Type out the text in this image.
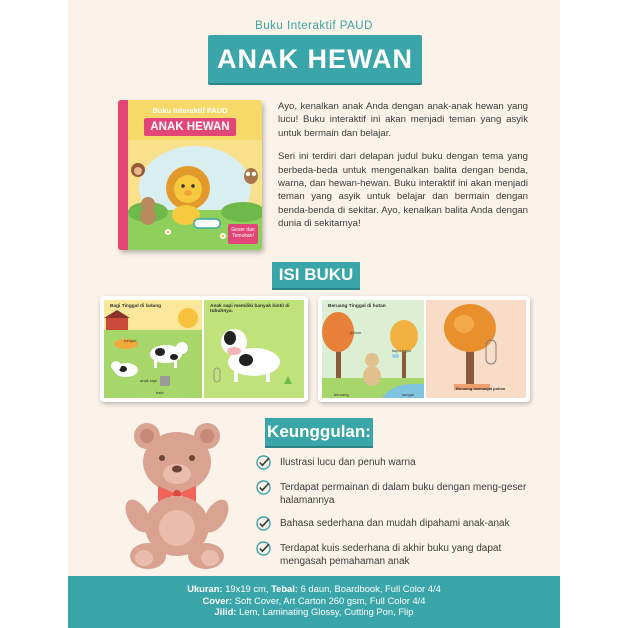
Buku Interaktif PAUD
ANAK HEWAN
Buku Interaktif PAUD
ANAK HEWAN
Geser dan Temukan!

Ayo, kenalkan anak Anda dengan anak-anak hewan yang lucu! Buku interaktif ini akan menjadi teman yang asyik untuk bermain dan belajar.

Seri ini terdiri dari delapan judul buku dengan tema yang berbeda-beda untuk mengenalkan balita dengan benda, warna, dan hewan-hewan. Buku interaktif ini akan menjadi teman yang asyik untuk belajar dan bermain dengan benda-benda di sekitar. Ayo, kenalkan balita Anda dengan dunia di sekitarnya!

ISI BUKU
Bagi Tinggal di ladang
rumput
anak sapi
babi
Anak sapi memiliki banyak bintil di tubuhnya.
Beruang Tinggal di hutan
pohon
kupu-kupu
beruang	sungai
Beruang memanjat pohon
Keunggulan:
Ilustrasi lucu dan penuh warna
Terdapat permainan di dalam buku dengan meng-geser halamannya
Bahasa sederhana dan mudah dipahami anak-anak
Terdapat kuis sederhana di akhir buku yang dapat mengasah pemahaman anak
Ukuran: 19x19 cm, Tebal: 6 daun, Boardbook, Full Color 4/4
Cover: Soft Cover, Art Carton 260 gsm, Full Color 4/4
Jilid: Lem, Laminating Glossy, Cutting Pon, Flip
